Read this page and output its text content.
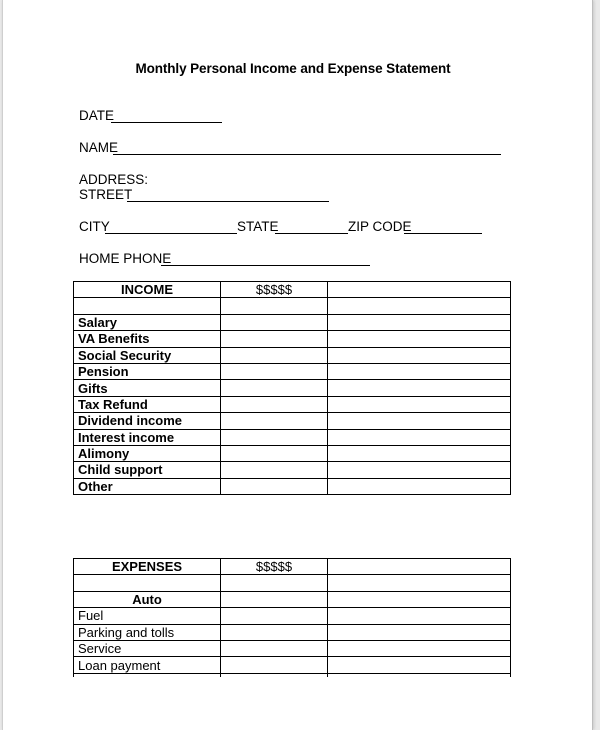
Monthly Personal Income and Expense Statement
DATE
NAME
ADDRESS:
STREET
CITY	STATE	ZIP CODE
HOME PHONE
INCOME	$$$$$	

Salary		
VA Benefits		
Social Security		
Pension		
Gifts		
Tax Refund		
Dividend income		
Interest income		
Alimony		
Child support		
Other		
EXPENSES	$$$$$	

Auto		
Fuel		
Parking and tolls		
Service		
Loan payment		
